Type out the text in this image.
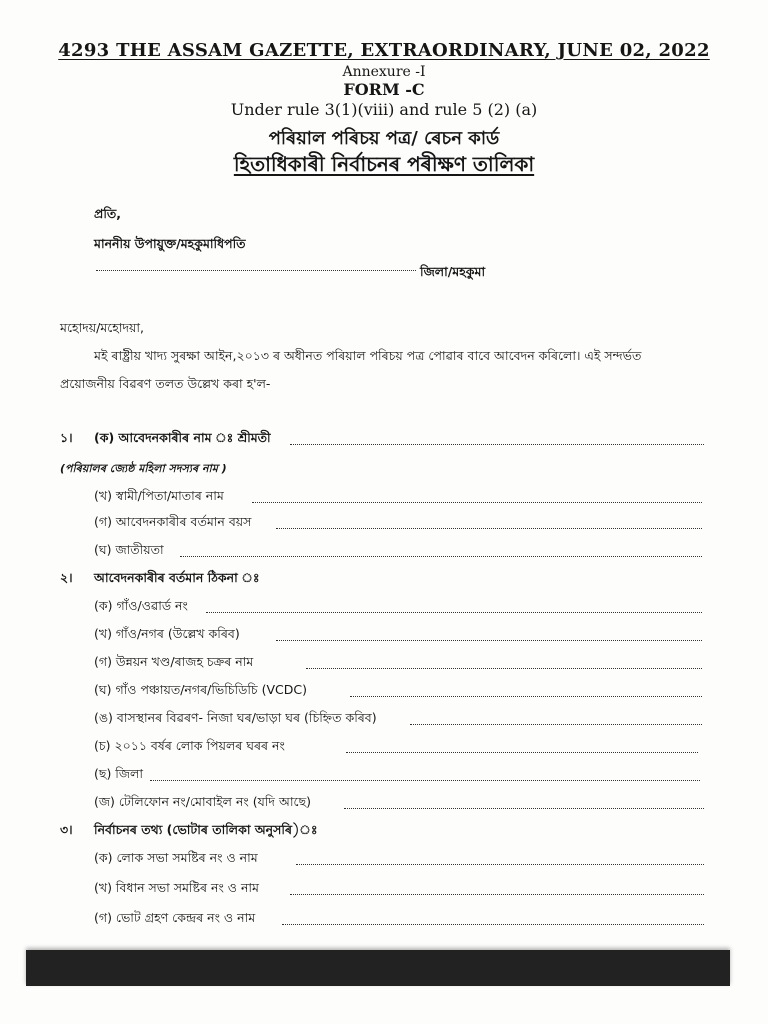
4293 THE ASSAM GAZETTE, EXTRAORDINARY, JUNE 02, 2022
Annexure -I
FORM -C
Under rule 3(1)(viii) and rule 5 (2) (a)
পৰিয়াল পৰিচয় পত্ৰ/ ৰেচন কাৰ্ড
হিতাধিকাৰী নিৰ্বাচনৰ পৰীক্ষণ তালিকা
প্ৰতি,
মাননীয় উপায়ুক্ত/মহকুমাধিপতি
জিলা/মহকুমা
মহোদয়/মহোদয়া,
মই ৰাষ্ট্ৰীয় খাদ্য সুৰক্ষা আইন,২০১৩ ৰ অধীনত পৰিয়াল পৰিচয় পত্ৰ পোৱাৰ বাবে আবেদন কৰিলো। এই সন্দৰ্ভত
প্ৰয়োজনীয় বিৱৰণ তলত উল্লেখ কৰা হ'ল-
১। (ক) আবেদনকাৰীৰ নাম ঃ শ্ৰীমতী
(পৰিয়ালৰ জ্যেষ্ঠ মহিলা সদস্যৰ নাম )
(খ) স্বামী/পিতা/মাতাৰ নাম
(গ) আবেদনকাৰীৰ বৰ্তমান বয়স
(ঘ) জাতীয়তা
২। আবেদনকাৰীৰ বৰ্তমান ঠিকনা ঃ
(ক) গাঁও/ওৱাৰ্ড নং
(খ) গাঁও/নগৰ (উল্লেখ কৰিব)
(গ) উন্নয়ন খণ্ড/ৰাজহ চক্ৰৰ নাম
(ঘ) গাঁও পঞ্চায়ত/নগৰ/ভিচিডিচি (VCDC)
(ঙ) বাসস্থানৰ বিৱৰণ- নিজা ঘৰ/ভাড়া ঘৰ (চিহ্নিত কৰিব)
(চ) ২০১১ বৰ্ষৰ লোক পিয়লৰ ঘৰৰ নং
(ছ) জিলা
(জ) টেলিফোন নং/মোবাইল নং (যদি আছে)
৩। নিৰ্বাচনৰ তথ্য (ভোটাৰ তালিকা অনুসৰি)ঃ
(ক) লোক সভা সমষ্টিৰ নং ও নাম
(খ) বিধান সভা সমষ্টিৰ নং ও নাম
(গ) ভোট গ্ৰহণ কেন্দ্ৰৰ নং ও নাম
